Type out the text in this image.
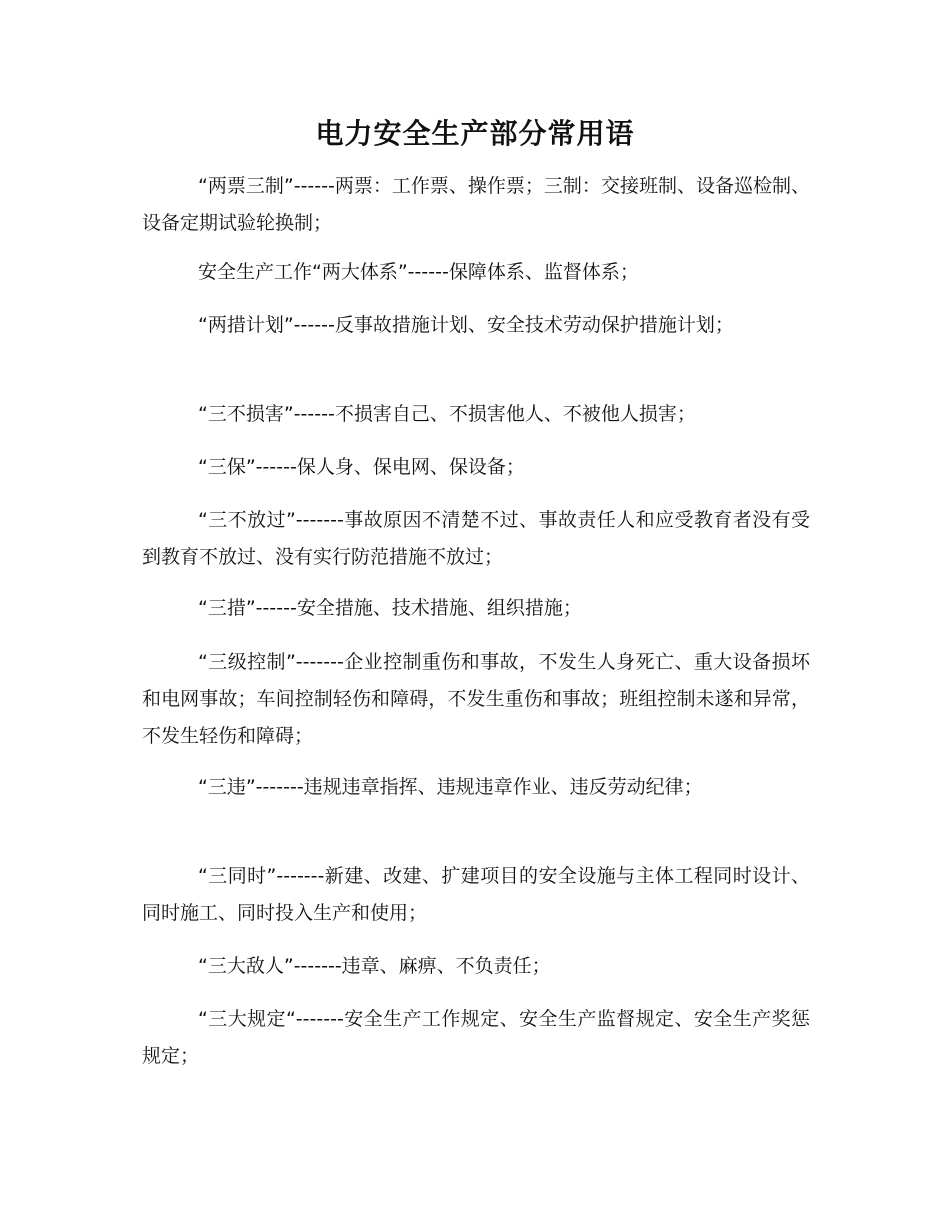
电力安全生产部分常用语

“两票三制”------两票：工作票、操作票；三制：交接班制、设备巡检制、设备定期试验轮换制；

安全生产工作“两大体系”------保障体系、监督体系；

“两措计划”------反事故措施计划、安全技术劳动保护措施计划；

“三不损害”------不损害自己、不损害他人、不被他人损害；

“三保”------保人身、保电网、保设备；

“三不放过”-------事故原因不清楚不过、事故责任人和应受教育者没有受到教育不放过、没有实行防范措施不放过；

“三措”------安全措施、技术措施、组织措施；

“三级控制”-------企业控制重伤和事故，不发生人身死亡、重大设备损坏和电网事故；车间控制轻伤和障碍，不发生重伤和事故；班组控制未遂和异常，不发生轻伤和障碍；

“三违”-------违规违章指挥、违规违章作业、违反劳动纪律；

“三同时”-------新建、改建、扩建项目的安全设施与主体工程同时设计、同时施工、同时投入生产和使用；

“三大敌人”-------违章、麻痹、不负责任；

“三大规定“-------安全生产工作规定、安全生产监督规定、安全生产奖惩规定；
